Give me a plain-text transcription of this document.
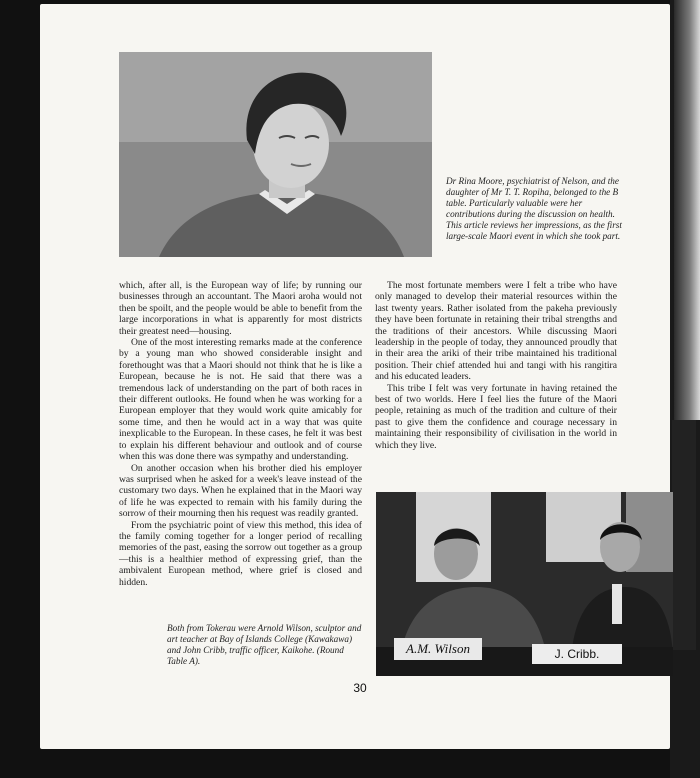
Dr Rina Moore, psychiatrist of Nelson, and the daughter of Mr T. T. Ropiha, belonged to the B table. Particularly valuable were her contributions during the discussion on health. This article reviews her impressions, as the first large-scale Maori event in which she took part.

which, after all, is the European way of life; by running our businesses through an accountant. The Maori aroha would not then be spoilt, and the people would be able to benefit from the large incorporations in what is apparently for most districts their greatest need—housing.

One of the most interesting remarks made at the conference by a young man who showed considerable insight and forethought was that a Maori should not think that he is like a European, because he is not. He said that there was a tremendous lack of understanding on the part of both races in their different outlooks. He found when he was working for a European employer that they would work quite amicably for some time, and then he would act in a way that was quite inexplicable to the European. In these cases, he felt it was best to explain his different behaviour and outlook and of course when this was done there was sympathy and understanding.

On another occasion when his brother died his employer was surprised when he asked for a week's leave instead of the customary two days. When he explained that in the Maori way of life he was expected to remain with his family during the sorrow of their mourning then his request was readily granted.

From the psychiatric point of view this method, this idea of the family coming together for a longer period of recalling memories of the past, easing the sorrow out together as a group—this is a healthier method of expressing grief, than the ambivalent European method, where grief is closed and hidden.

The most fortunate members were I felt a tribe who have only managed to develop their material resources within the last twenty years. Rather isolated from the pakeha previously they have been fortunate in retaining their tribal strengths and the traditions of their ancestors. While discussing Maori leadership in the people of today, they announced proudly that in their area the ariki of their tribe maintained his traditional position. Their chief attended hui and tangi with his rangitira and his educated leaders.

This tribe I felt was very fortunate in having retained the best of two worlds. Here I feel lies the future of the Maori people, retaining as much of the tradition and culture of their past to give them the confidence and courage necessary in maintaining their responsibility of civilisation in the world in which they live.

Both from Tokerau were Arnold Wilson, sculptor and art teacher at Bay of Islands College (Kawakawa) and John Cribb, traffic officer, Kaikohe. (Round Table A).
A.M. Wilson	J. Cribb.
30
